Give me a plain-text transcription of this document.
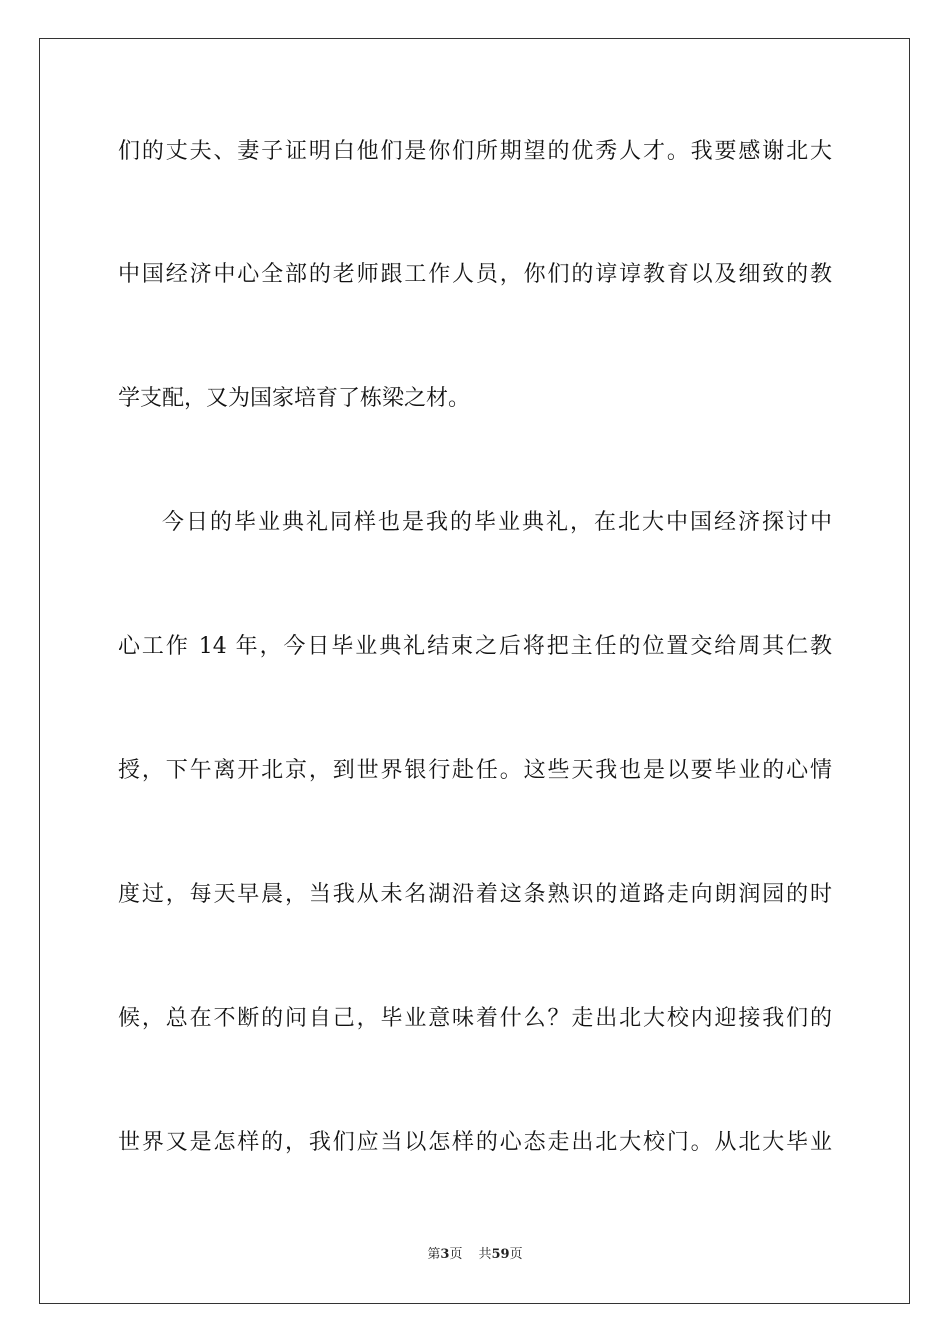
们的丈夫、妻子证明白他们是你们所期望的优秀人才。我要感谢北大
中国经济中心全部的老师跟工作人员，你们的谆谆教育以及细致的教
学支配，又为国家培育了栋梁之材。
今日的毕业典礼同样也是我的毕业典礼，在北大中国经济探讨中
心工作 14 年，今日毕业典礼结束之后将把主任的位置交给周其仁教
授，下午离开北京，到世界银行赴任。这些天我也是以要毕业的心情
度过，每天早晨，当我从未名湖沿着这条熟识的道路走向朗润园的时
候，总在不断的问自己，毕业意味着什么？走出北大校内迎接我们的
世界又是怎样的，我们应当以怎样的心态走出北大校门。从北大毕业
第3页 共59页
